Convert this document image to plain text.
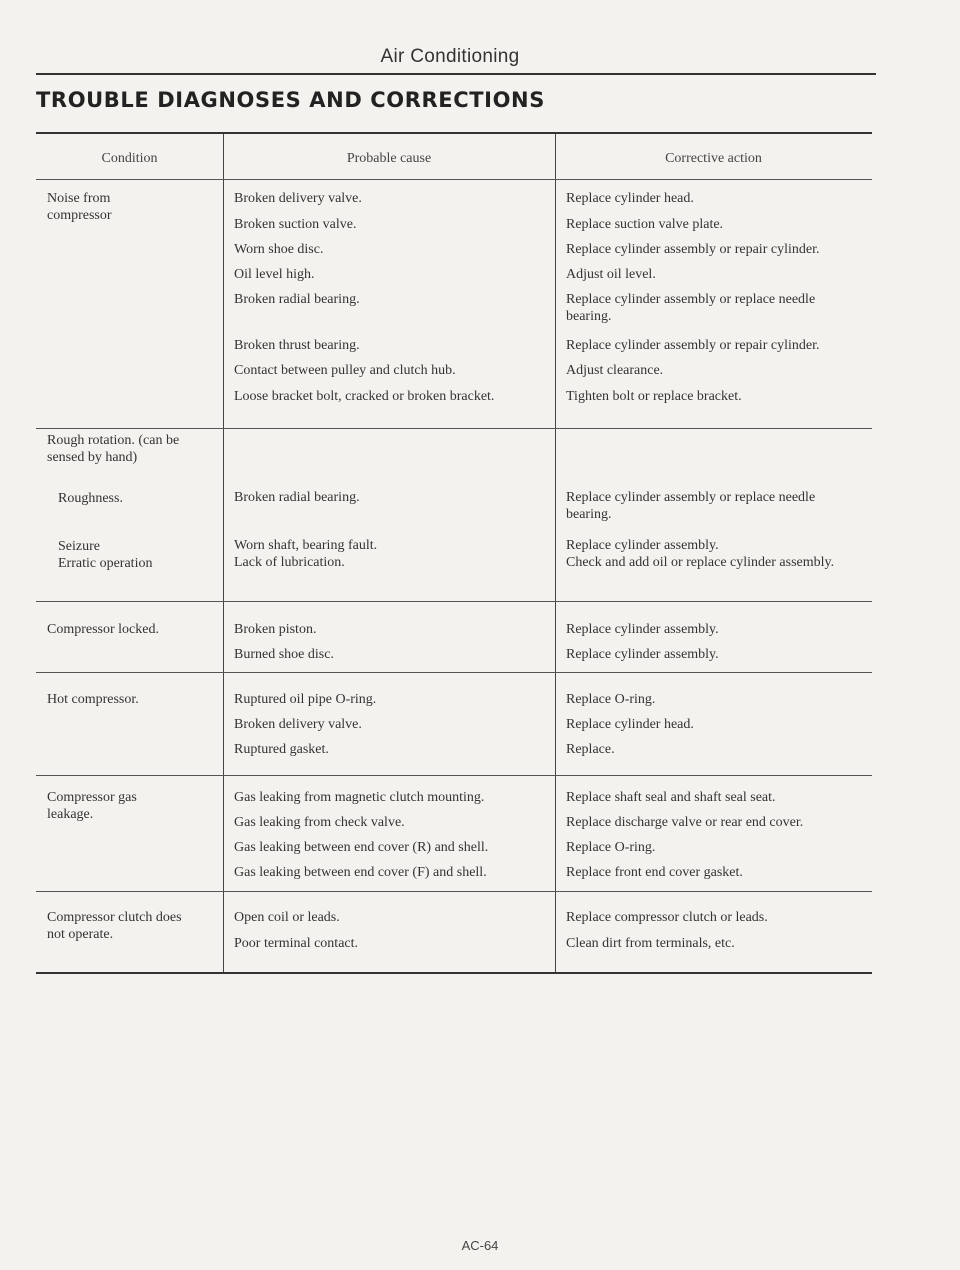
Air Conditioning
TROUBLE DIAGNOSES AND CORRECTIONS
Condition	Probable cause	Corrective action
Noise from compressor
Rough rotation. (can be sensed by hand)
Roughness.
Seizure
Erratic operation
Compressor locked.
Hot compressor.
Compressor gas leakage.
Compressor clutch does not operate.
Broken delivery valve.
Broken suction valve.
Worn shoe disc.
Oil level high.
Broken radial bearing.
Broken thrust bearing.
Contact between pulley and clutch hub.
Loose bracket bolt, cracked or broken bracket.
Broken radial bearing.
Worn shaft, bearing fault.
Lack of lubrication.
Broken piston.
Burned shoe disc.
Ruptured oil pipe O-ring.
Broken delivery valve.
Ruptured gasket.
Gas leaking from magnetic clutch mounting.
Gas leaking from check valve.
Gas leaking between end cover (R) and shell.
Gas leaking between end cover (F) and shell.
Open coil or leads.
Poor terminal contact.
Replace cylinder head.
Replace suction valve plate.
Replace cylinder assembly or repair cylinder.
Adjust oil level.
Replace cylinder assembly or replace needle bearing.
Replace cylinder assembly or repair cylinder.
Adjust clearance.
Tighten bolt or replace bracket.
Replace cylinder assembly or replace needle bearing.
Replace cylinder assembly.
Check and add oil or replace cylinder assembly.
Replace cylinder assembly.
Replace cylinder assembly.
Replace O-ring.
Replace cylinder head.
Replace.
Replace shaft seal and shaft seal seat.
Replace discharge valve or rear end cover.
Replace O-ring.
Replace front end cover gasket.
Replace compressor clutch or leads.
Clean dirt from terminals, etc.
AC-64
